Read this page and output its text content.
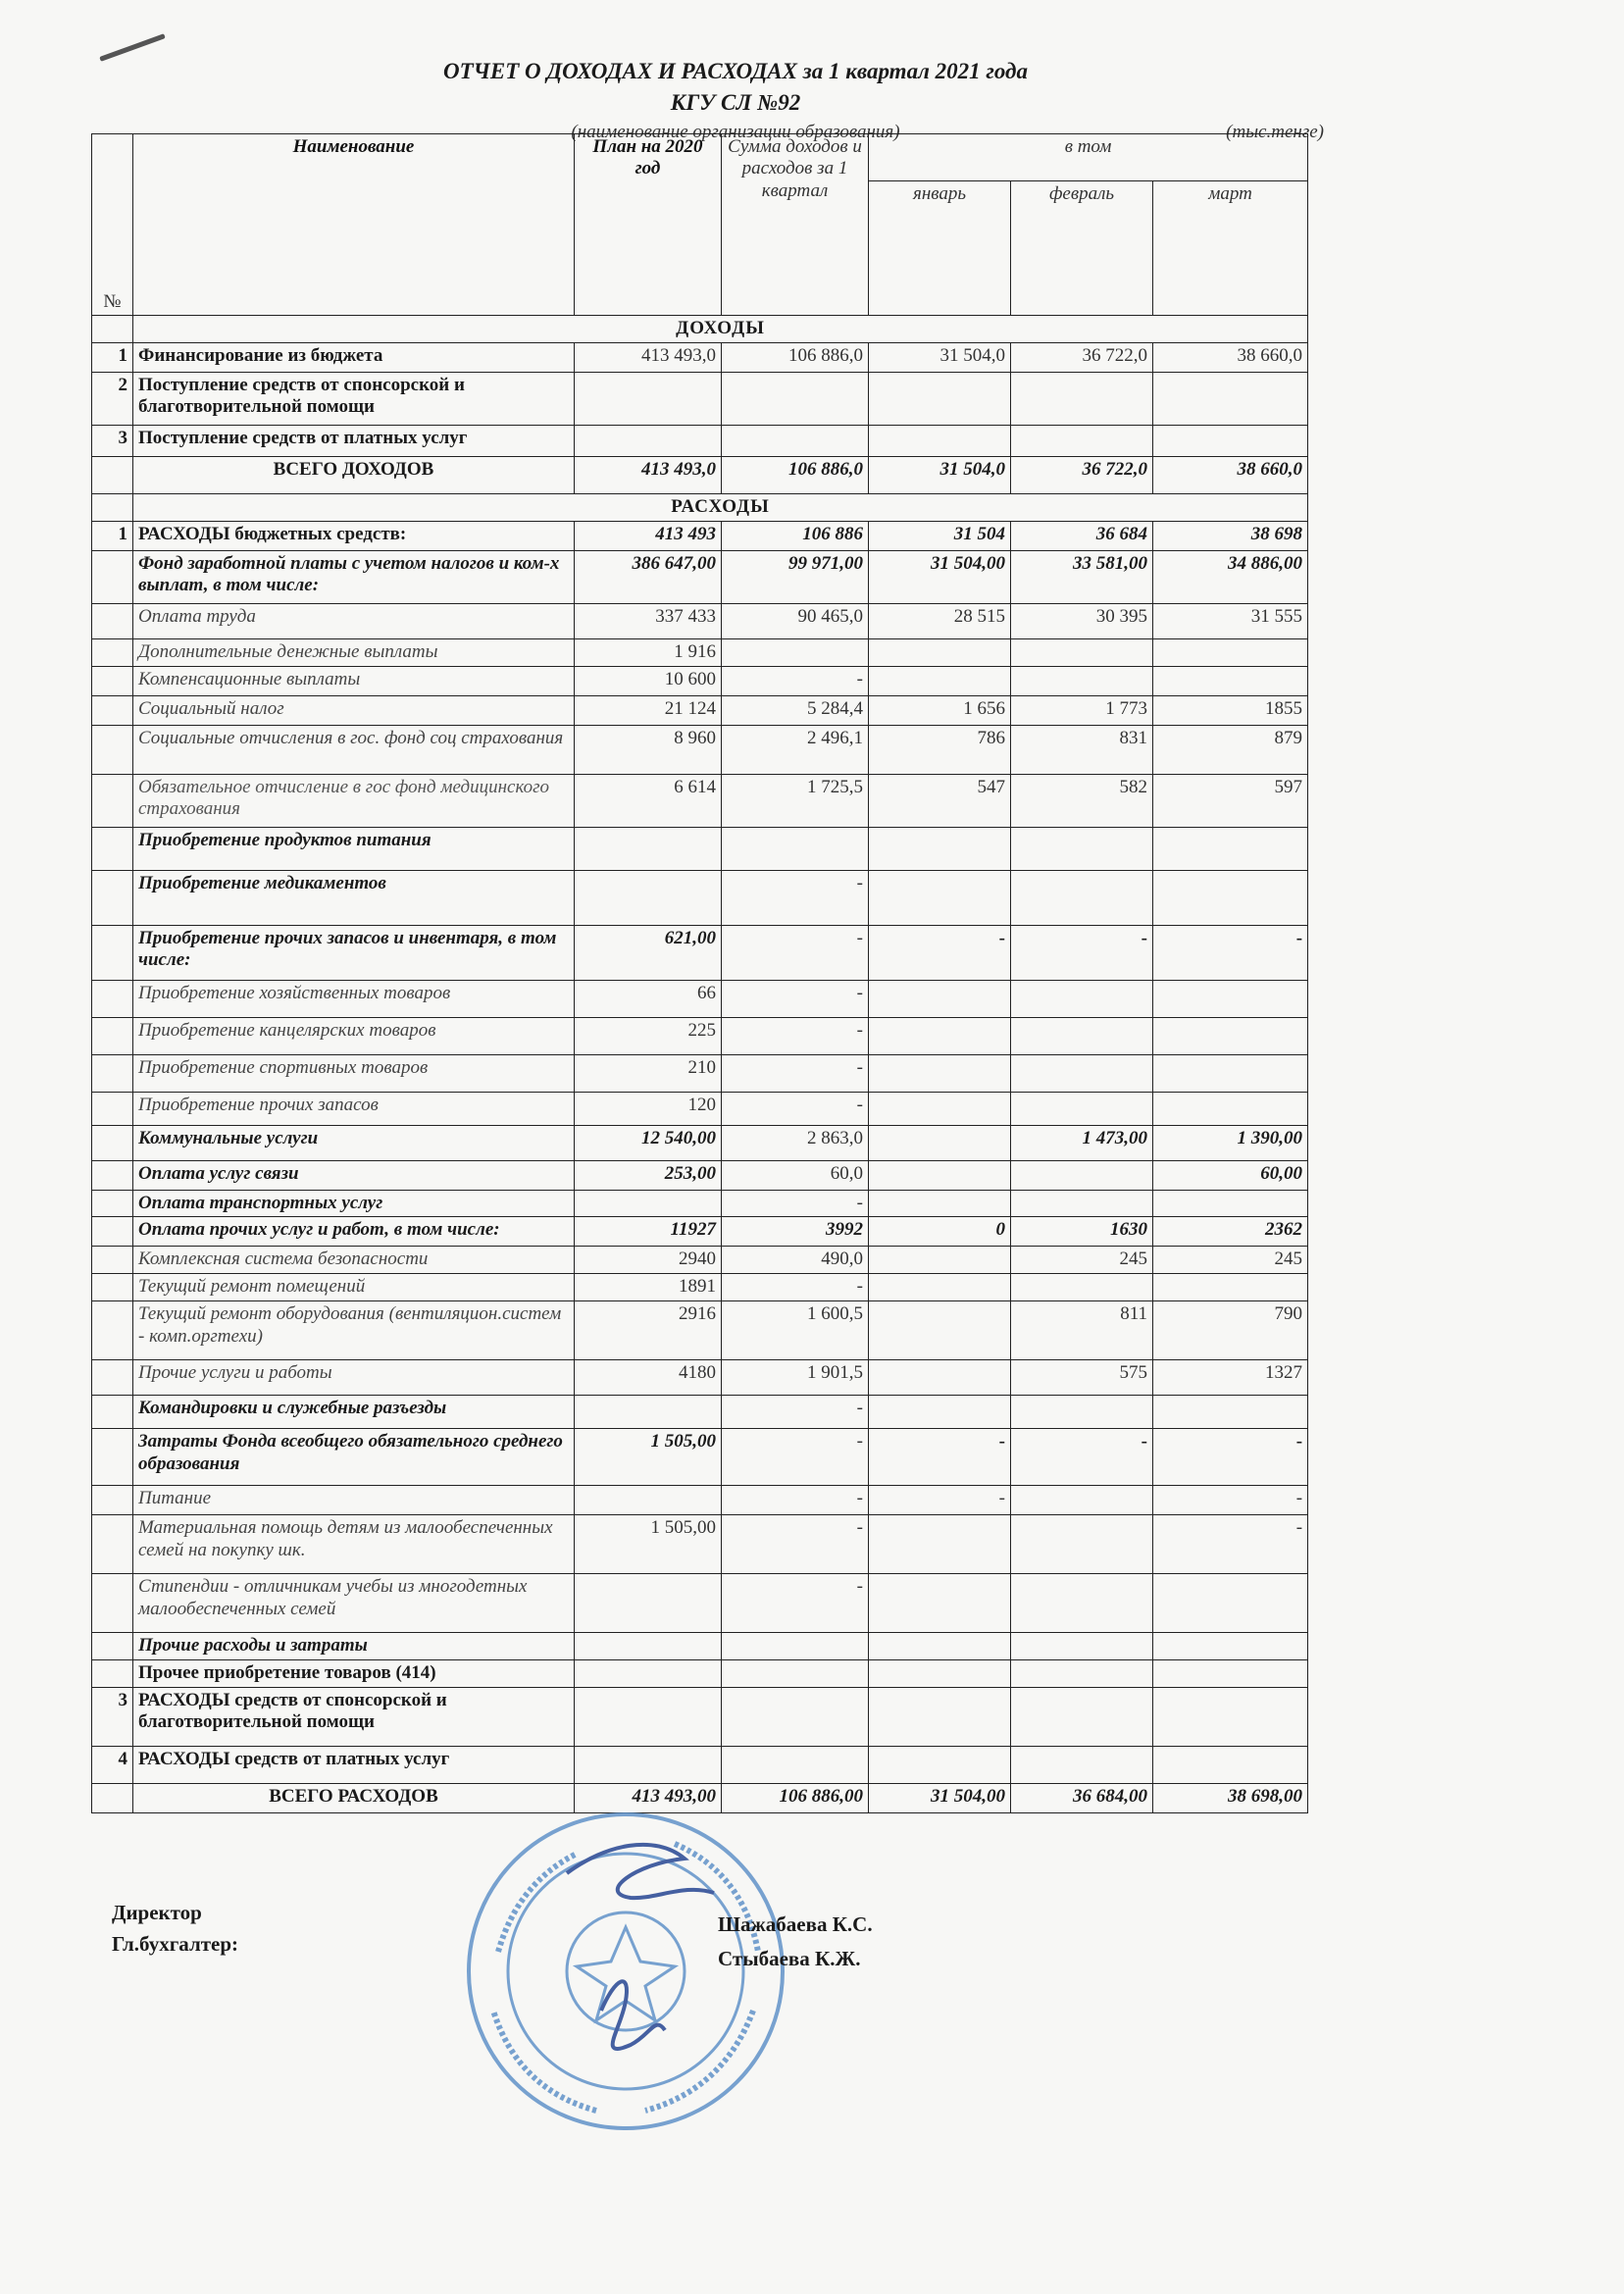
ОТЧЕТ О ДОХОДАХ И РАСХОДАХ за 1 квартал 2021 года
КГУ СЛ №92
(наименование организации образования)	(тыс.тенге)
№	Наименование	План на 2020 год	Сумма доходов и расходов за 1 квартал	в том		
				январь	февраль	март
	ДОХОДЫ					
1	Финансирование из бюджета	413 493,0	106 886,0	31 504,0	36 722,0	38 660,0
2	Поступление средств от спонсорской и благотворительной помощи					
3	Поступление средств от платных услуг					
	ВСЕГО ДОХОДОВ	413 493,0	106 886,0	31 504,0	36 722,0	38 660,0
	РАСХОДЫ					
1	РАСХОДЫ бюджетных средств:	413 493	106 886	31 504	36 684	38 698
	Фонд заработной платы с учетом налогов и ком-х выплат, в том числе:	386 647,00	99 971,00	31 504,00	33 581,00	34 886,00
	Оплата труда	337 433	90 465,0	28 515	30 395	31 555
	Дополнительные денежные выплаты	1 916				
	Компенсационные выплаты	10 600	-			
	Социальный налог	21 124	5 284,4	1 656	1 773	1855
	Социальные отчисления в гос. фонд соц страхования	8 960	2 496,1	786	831	879
	Обязательное отчисление в гос фонд медицинского страхования	6 614	1 725,5	547	582	597
	Приобретение продуктов питания					
	Приобретение медикаментов		-			
	Приобретение прочих запасов и инвентаря, в том числе:	621,00	-	-	-	-
	Приобретение хозяйственных товаров	66	-			
	Приобретение канцелярских товаров	225	-			
	Приобретение спортивных товаров	210	-			
	Приобретение прочих запасов	120	-			
	Коммунальные услуги	12 540,00	2 863,0		1 473,00	1 390,00
	Оплата услуг связи	253,00	60,0			60,00
	Оплата транспортных услуг		-			
	Оплата прочих услуг и работ, в том числе:	11927	3992	0	1630	2362
	Комплексная система безопасности	2940	490,0		245	245
	Текущий ремонт помещений	1891	-			
	Текущий ремонт оборудования (вентиляцион.систем - комп.оргтехи)	2916	1 600,5		811	790
	Прочие услуги и работы	4180	1 901,5		575	1327
	Командировки и служебные разъезды		-			
	Затраты Фонда всеобщего обязательного среднего образования	1 505,00	-	-	-	-
	Питание		-	-		-
	Материальная помощь детям из малообеспеченных семей на покупку шк.	1 505,00	-			-
	Стипендии - отличникам учебы из многодетных малообеспеченных семей		-			
	Прочие расходы и затраты					
	Прочее приобретение товаров (414)					
3	РАСХОДЫ средств от спонсорской и благотворительной помощи					
4	РАСХОДЫ средств от платных услуг					
	ВСЕГО РАСХОДОВ	413 493,00	106 886,00	31 504,00	36 684,00	38 698,00
Директор
Гл.бухгалтер:
Шажабаева К.С.
Стыбаева К.Ж.
